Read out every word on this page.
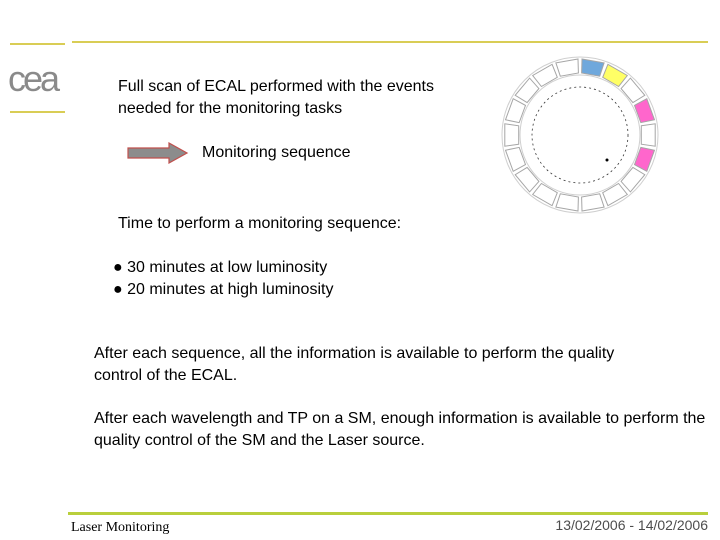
cea	Full scan of ECAL performed with the events needed for the monitoring tasks
Monitoring sequence
Time to perform a monitoring sequence:
● 30 minutes at low luminosity
● 20 minutes at high luminosity
After each sequence, all the information is available to perform the quality control of the ECAL.
After each wavelength and TP on a SM, enough information is available to perform the quality control of the SM and the Laser source.
Laser Monitoring	13/02/2006 - 14/02/2006
